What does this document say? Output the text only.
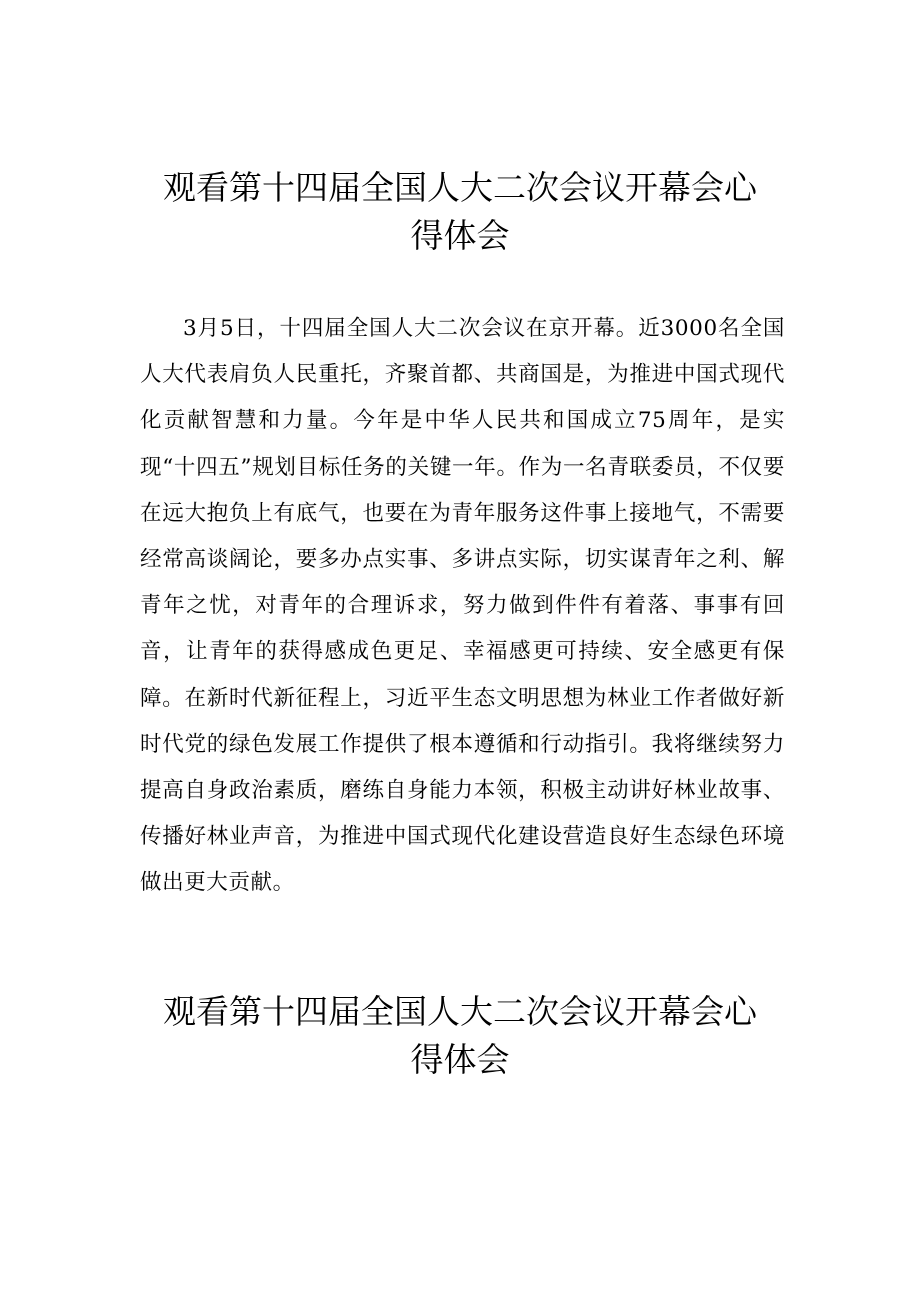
观看第十四届全国人大二次会议开幕会心
得体会

3月5日，十四届全国人大二次会议在京开幕。近3000名全国人大代表肩负人民重托，齐聚首都、共商国是，为推进中国式现代化贡献智慧和力量。今年是中华人民共和国成立75周年，是实现“十四五”规划目标任务的关键一年。作为一名青联委员，不仅要在远大抱负上有底气，也要在为青年服务这件事上接地气，不需要经常高谈阔论，要多办点实事、多讲点实际，切实谋青年之利、解青年之忧，对青年的合理诉求，努力做到件件有着落、事事有回音，让青年的获得感成色更足、幸福感更可持续、安全感更有保障。在新时代新征程上，习近平生态文明思想为林业工作者做好新时代党的绿色发展工作提供了根本遵循和行动指引。我将继续努力提高自身政治素质，磨练自身能力本领，积极主动讲好林业故事、传播好林业声音，为推进中国式现代化建设营造良好生态绿色环境做出更大贡献。

观看第十四届全国人大二次会议开幕会心
得体会
